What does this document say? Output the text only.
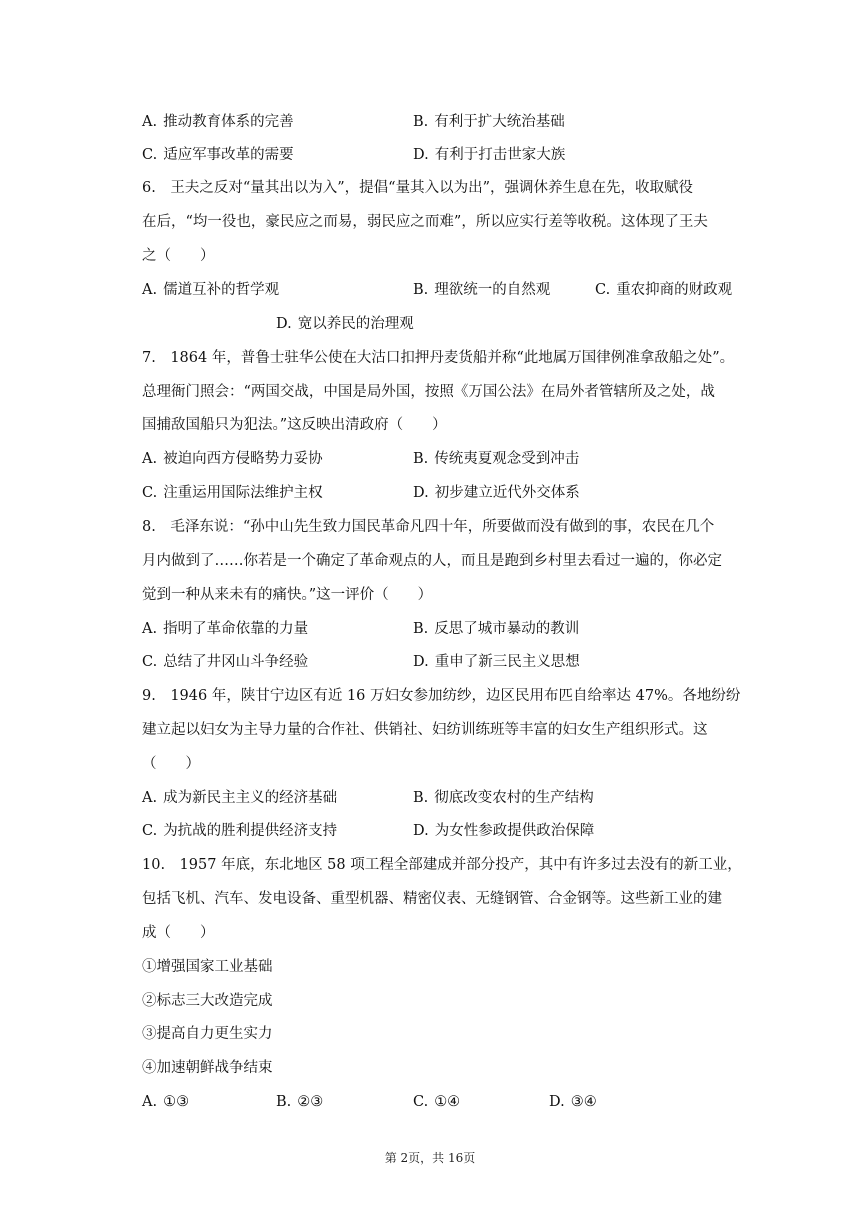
A. 推动教育体系的完善	B. 有利于扩大统治基础
C. 适应军事改革的需要	D. 有利于打击世家大族
6.　王夫之反对“量其出以为入”，提倡“量其入以为出”，强调休养生息在先，收取赋役
在后，“均一役也，豪民应之而易，弱民应之而难”，所以应实行差等收税。这体现了王夫
之（　　）
A. 儒道互补的哲学观	B. 理欲统一的自然观	C. 重农抑商的财政观
D. 宽以养民的治理观
7.　1864 年，普鲁士驻华公使在大沽口扣押丹麦货船并称“此地属万国律例准拿敌船之处”。
总理衙门照会：“两国交战，中国是局外国，按照《万国公法》在局外者管辖所及之处，战
国捕敌国船只为犯法。”这反映出清政府（　　）
A. 被迫向西方侵略势力妥协	B. 传统夷夏观念受到冲击
C. 注重运用国际法维护主权	D. 初步建立近代外交体系
8.　毛泽东说：“孙中山先生致力国民革命凡四十年，所要做而没有做到的事，农民在几个
月内做到了……你若是一个确定了革命观点的人，而且是跑到乡村里去看过一遍的，你必定
觉到一种从来未有的痛快。”这一评价（　　）
A. 指明了革命依靠的力量	B. 反思了城市暴动的教训
C. 总结了井冈山斗争经验	D. 重申了新三民主义思想
9.　1946 年，陕甘宁边区有近 16 万妇女参加纺纱，边区民用布匹自给率达 47%。各地纷纷
建立起以妇女为主导力量的合作社、供销社、妇纺训练班等丰富的妇女生产组织形式。这
（　　）
A. 成为新民主主义的经济基础	B. 彻底改变农村的生产结构
C. 为抗战的胜利提供经济支持	D. 为女性参政提供政治保障
10.　1957 年底，东北地区 58 项工程全部建成并部分投产，其中有许多过去没有的新工业，
包括飞机、汽车、发电设备、重型机器、精密仪表、无缝钢管、合金钢等。这些新工业的建
成（　　）
①增强国家工业基础
②标志三大改造完成
③提高自力更生实力
④加速朝鲜战争结束
A. ①③	B. ②③	C. ①④	D. ③④
第 2页，共 16页
